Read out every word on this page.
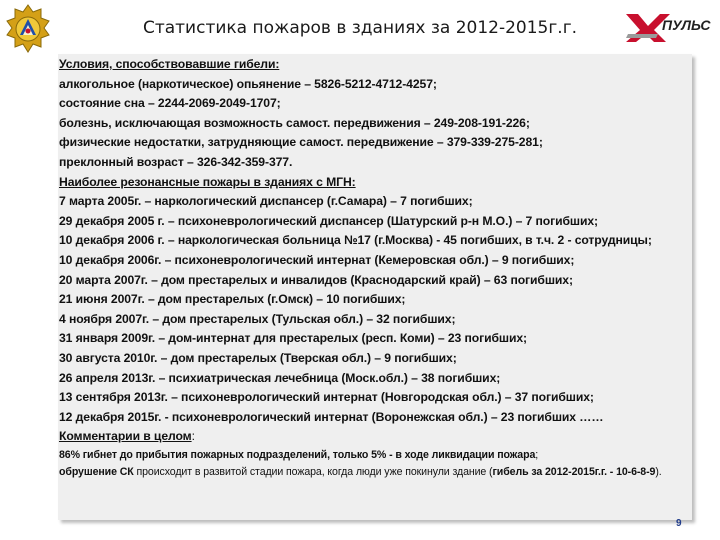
Статистика пожаров в зданиях за 2012-2015г.г.	ПУЛЬС
Условия, способствовавшие гибели:
алкогольное (наркотическое) опьянение – 5826-5212-4712-4257;
состояние сна – 2244-2069-2049-1707;
болезнь, исключающая возможность самост. передвижения – 249-208-191-226;
физические недостатки, затрудняющие самост. передвижение – 379-339-275-281;
преклонный возраст – 326-342-359-377.
Наиболее резонансные пожары в зданиях с МГН:
7 марта 2005г. – наркологический диспансер (г.Самара) – 7 погибших;
29 декабря 2005 г. – психоневрологический диспансер (Шатурский р-н М.О.) – 7 погибших;
10 декабря 2006 г. – наркологическая больница №17 (г.Москва) - 45 погибших, в т.ч. 2 - сотрудницы;
10 декабря 2006г. – психоневрологический интернат (Кемеровская обл.) – 9 погибших;
20 марта 2007г. – дом престарелых и инвалидов (Краснодарский край) – 63 погибших;
21 июня 2007г. – дом престарелых (г.Омск) – 10 погибших;
4 ноября 2007г. – дом престарелых (Тульская обл.) – 32 погибших;
31 января 2009г. – дом-интернат для престарелых (респ. Коми) – 23 погибших;
30 августа 2010г. – дом престарелых (Тверская обл.) – 9 погибших;
26 апреля 2013г. – психиатрическая лечебница (Моск.обл.) – 38 погибших;
13 сентября 2013г. – психоневрологический интернат (Новгородская обл.) – 37 погибших;
12 декабря 2015г. - психоневрологический интернат (Воронежская обл.) – 23 погибших ……
Комментарии в целом:
86% гибнет до прибытия пожарных подразделений, только 5% - в ходе ликвидации пожара;
обрушение СК происходит в развитой стадии пожара, когда люди уже покинули здание (гибель за 2012-2015г.г. - 10-6-8-9).
9
